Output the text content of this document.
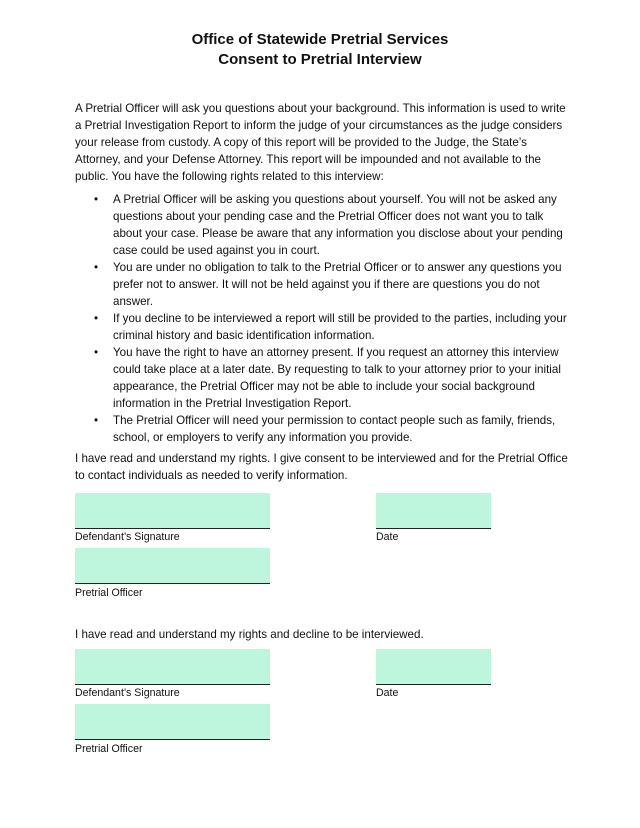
Office of Statewide Pretrial Services
Consent to Pretrial Interview

A Pretrial Officer will ask you questions about your background. This information is used to write a Pretrial Investigation Report to inform the judge of your circumstances as the judge considers your release from custody. A copy of this report will be provided to the Judge, the State’s Attorney, and your Defense Attorney. This report will be impounded and not available to the public. You have the following rights related to this interview:

• A Pretrial Officer will be asking you questions about yourself. You will not be asked any questions about your pending case and the Pretrial Officer does not want you to talk about your case. Please be aware that any information you disclose about your pending case could be used against you in court.
• You are under no obligation to talk to the Pretrial Officer or to answer any questions you prefer not to answer. It will not be held against you if there are questions you do not answer.
• If you decline to be interviewed a report will still be provided to the parties, including your criminal history and basic identification information.
• You have the right to have an attorney present. If you request an attorney this interview could take place at a later date. By requesting to talk to your attorney prior to your initial appearance, the Pretrial Officer may not be able to include your social background information in the Pretrial Investigation Report.
• The Pretrial Officer will need your permission to contact people such as family, friends, school, or employers to verify any information you provide.

I have read and understand my rights. I give consent to be interviewed and for the Pretrial Office to contact individuals as needed to verify information.

Defendant’s Signature	Date
Pretrial Officer

I have read and understand my rights and decline to be interviewed.

Defendant’s Signature	Date
Pretrial Officer
